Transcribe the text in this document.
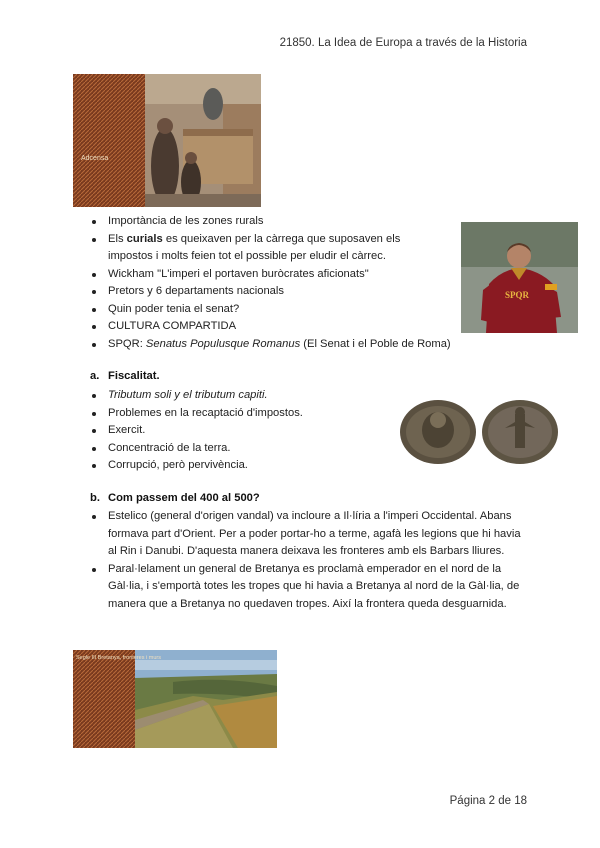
21850. La Idea de Europa a través de la Historia
Adcensa
SPQR
Segle III Bretanya, fronteres i murs
Importància de les zones rurals
Els curials es queixaven per la càrrega que suposaven els impostos i molts feien tot el possible per eludir el càrrec.
Wickham "L'imperi el portaven buròcrates aficionats"
Pretors y 6 departaments nacionals
Quin poder tenia el senat?
CULTURA COMPARTIDA
SPQR: Senatus Populusque Romanus (El Senat i el Poble de Roma)
a. Fiscalitat.
Tributum soli y el tributum capiti.
Problemes en la recaptació d'impostos.
Exercit.
Concentració de la terra.
Corrupció, però pervivència.
b. Com passem del 400 al 500?
Estelico (general d'origen vandal) va incloure a Il·líria a l'imperi Occidental. Abans formava part d'Orient. Per a poder portar-ho a terme, agafà les legions que hi havia al Rin i Danubi. D'aquesta manera deixava les fronteres amb els Barbars lliures.
Paral·lelament un general de Bretanya es proclamà emperador en el nord de la Gàl·lia, i s'emportà totes les tropes que hi havia a Bretanya al nord de la Gàl·lia, de manera que a Bretanya no quedaven tropes. Així la frontera queda desguarnida.
Página 2 de 18
